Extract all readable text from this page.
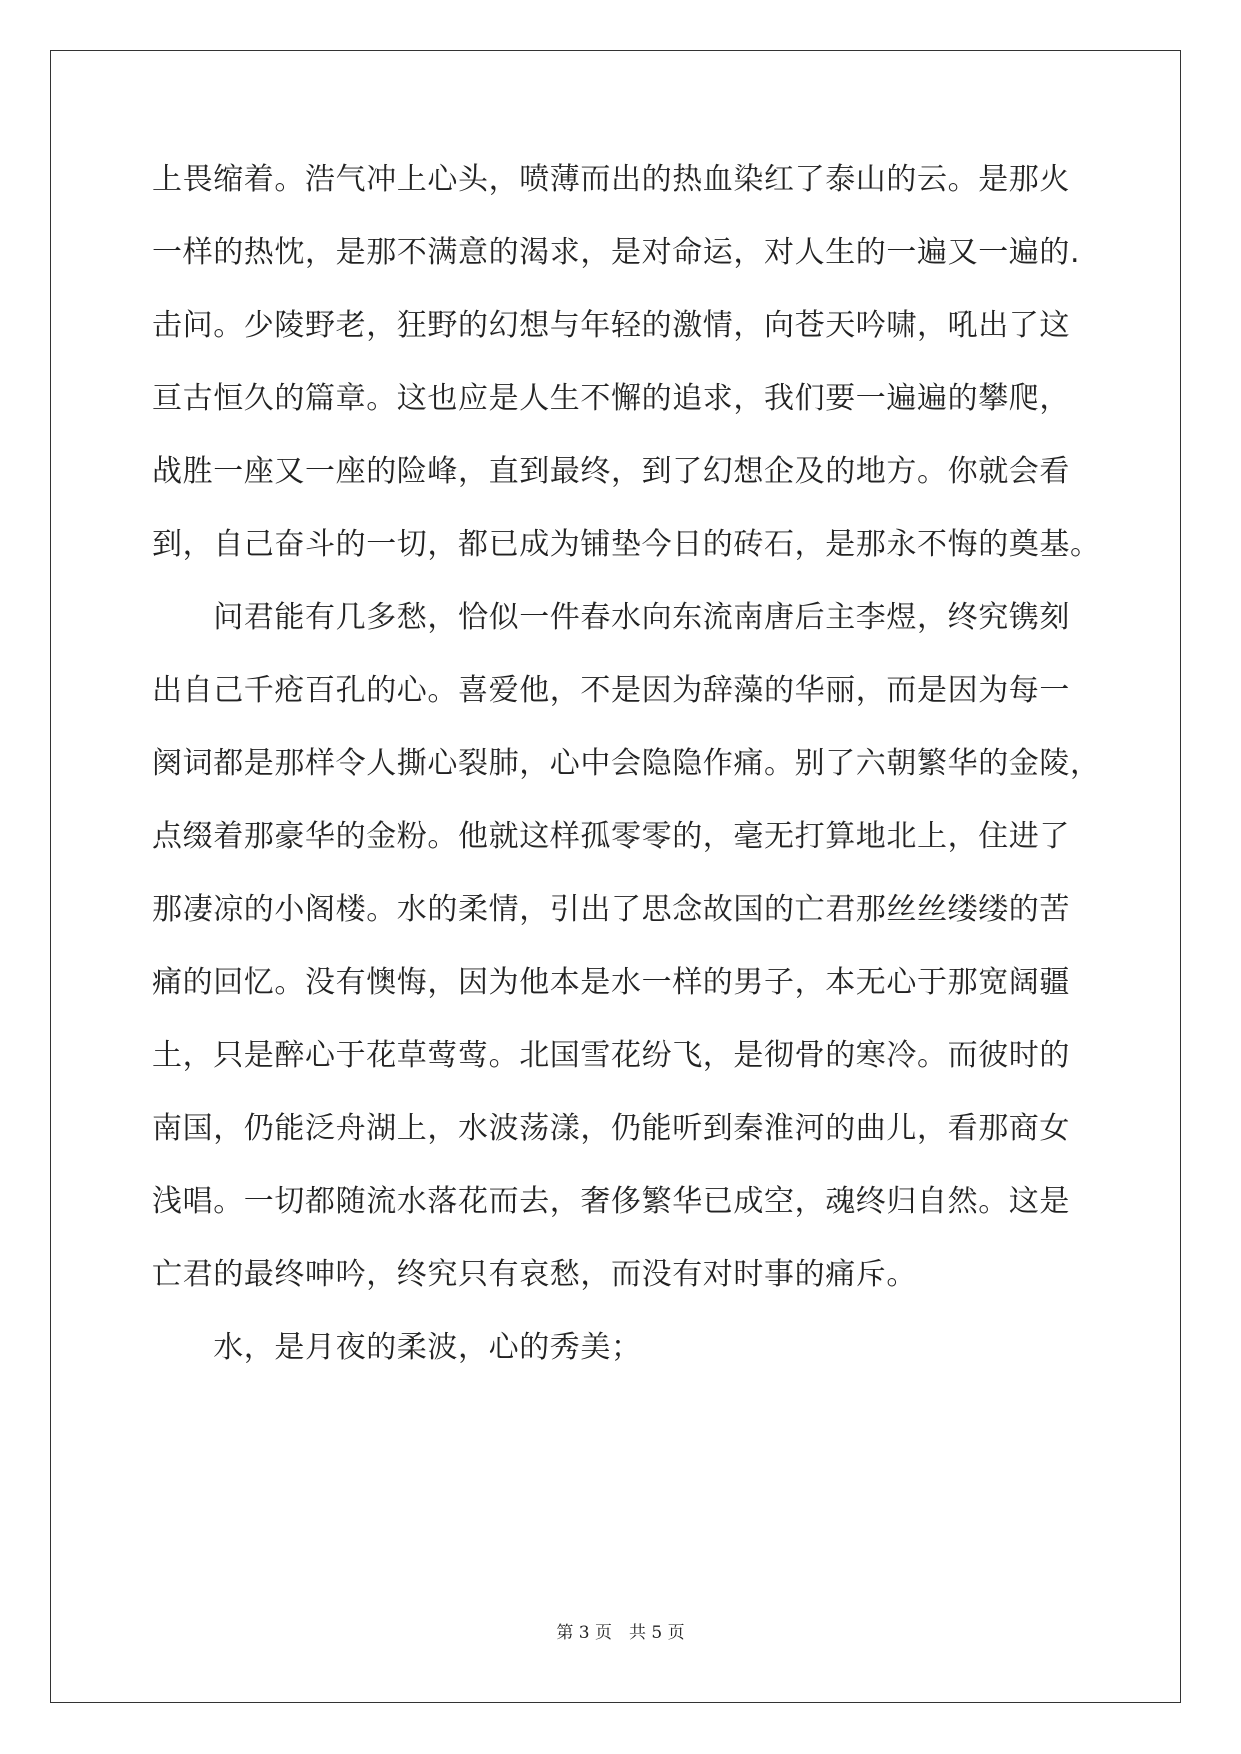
上畏缩着。浩气冲上心头，喷薄而出的热血染红了泰山的云。是那火
一样的热忱，是那不满意的渴求，是对命运，对人生的一遍又一遍的.
击问。少陵野老，狂野的幻想与年轻的激情，向苍天吟啸，吼出了这
亘古恒久的篇章。这也应是人生不懈的追求，我们要一遍遍的攀爬，
战胜一座又一座的险峰，直到最终，到了幻想企及的地方。你就会看
到，自己奋斗的一切，都已成为铺垫今日的砖石，是那永不悔的奠基。
　　问君能有几多愁，恰似一件春水向东流南唐后主李煜，终究镌刻
出自己千疮百孔的心。喜爱他，不是因为辞藻的华丽，而是因为每一
阕词都是那样令人撕心裂肺，心中会隐隐作痛。别了六朝繁华的金陵，
点缀着那豪华的金粉。他就这样孤零零的，毫无打算地北上，住进了
那凄凉的小阁楼。水的柔情，引出了思念故国的亡君那丝丝缕缕的苦
痛的回忆。没有懊悔，因为他本是水一样的男子，本无心于那宽阔疆
土，只是醉心于花草莺莺。北国雪花纷飞，是彻骨的寒冷。而彼时的
南国，仍能泛舟湖上，水波荡漾，仍能听到秦淮河的曲儿，看那商女
浅唱。一切都随流水落花而去，奢侈繁华已成空，魂终归自然。这是
亡君的最终呻吟，终究只有哀愁，而没有对时事的痛斥。
　　水，是月夜的柔波，心的秀美；
第 3 页　共 5 页
